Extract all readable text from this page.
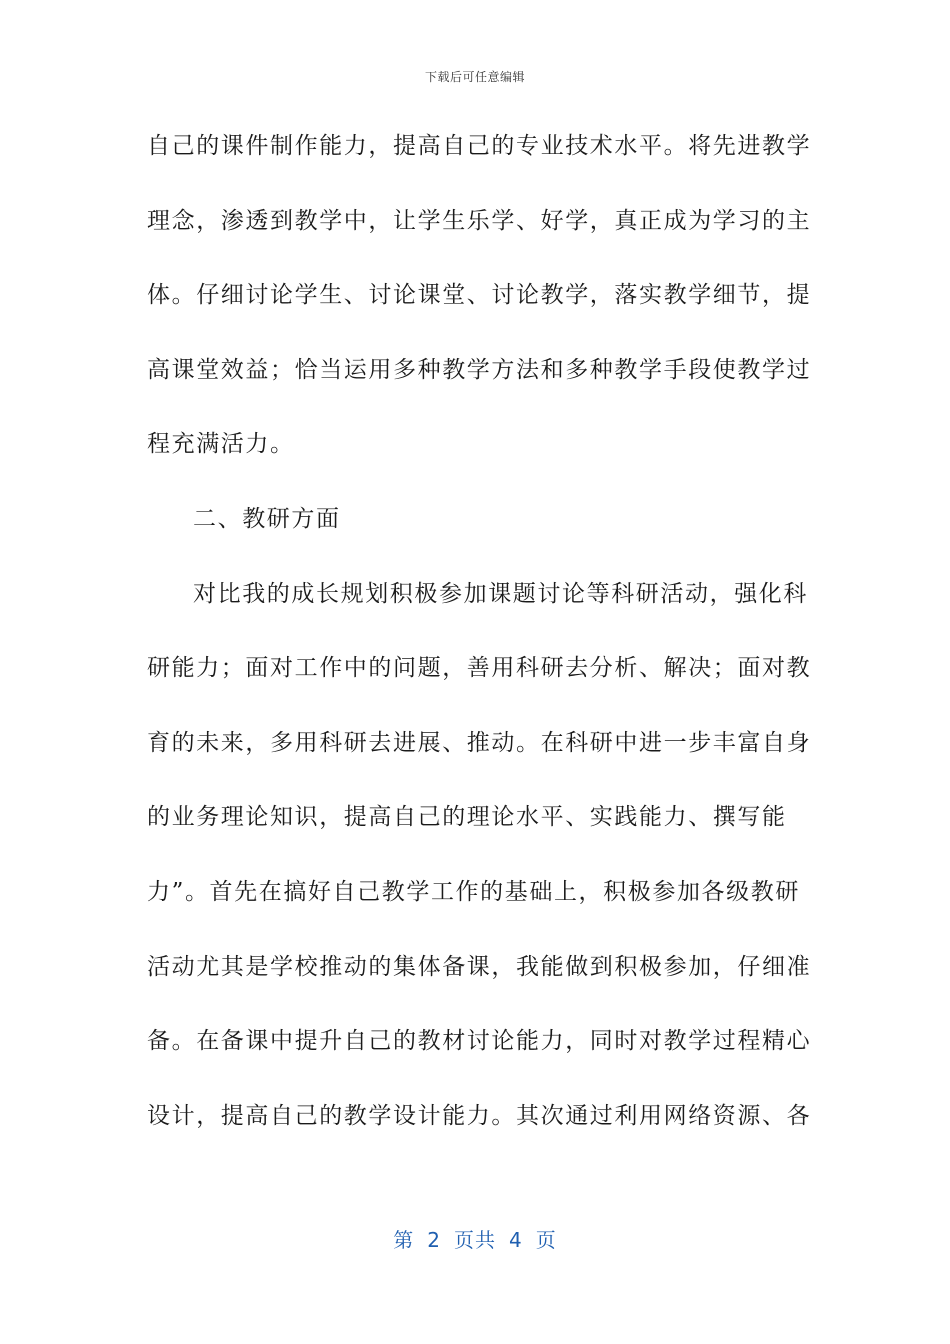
下载后可任意编辑
自己的课件制作能力，提高自己的专业技术水平。将先进教学
理念，渗透到教学中，让学生乐学、好学，真正成为学习的主
体。仔细讨论学生、讨论课堂、讨论教学，落实教学细节，提
高课堂效益；恰当运用多种教学方法和多种教学手段使教学过
程充满活力。
二、教研方面
对比我的成长规划积极参加课题讨论等科研活动，强化科
研能力；面对工作中的问题，善用科研去分析、解决；面对教
育的未来，多用科研去进展、推动。在科研中进一步丰富自身
的业务理论知识，提高自己的理论水平、实践能力、撰写能
力”。首先在搞好自己教学工作的基础上，积极参加各级教研
活动尤其是学校推动的集体备课，我能做到积极参加，仔细准
备。在备课中提升自己的教材讨论能力，同时对教学过程精心
设计，提高自己的教学设计能力。其次通过利用网络资源、各
第 2 页共 4 页
